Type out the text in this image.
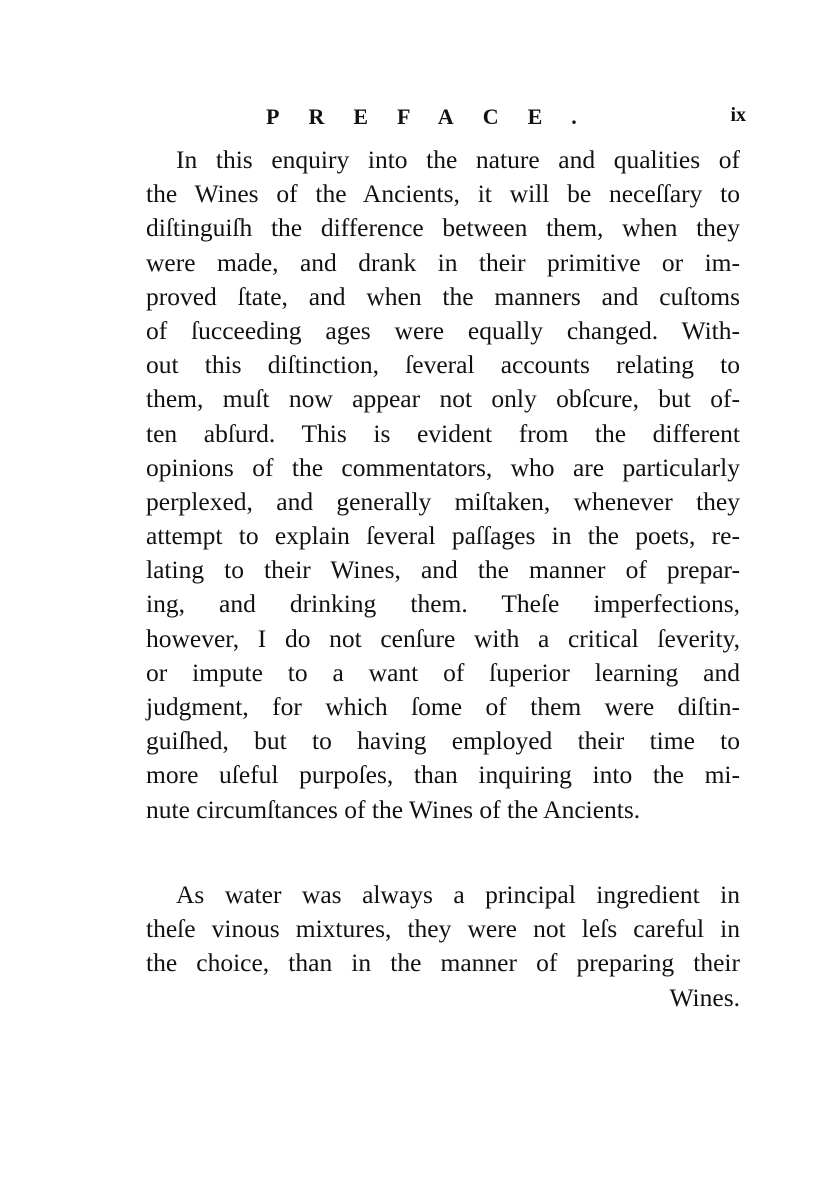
PREFACE.	ix
In this enquiry into the nature and qualities of
the Wines of the Ancients, it will be neceſſary to
diſtinguiſh the difference between them, when they
were made, and drank in their primitive or im-
proved ſtate, and when the manners and cuſtoms
of ſucceeding ages were equally changed. With-
out this diſtinction, ſeveral accounts relating to
them, muſt now appear not only obſcure, but of-
ten abſurd. This is evident from the different
opinions of the commentators, who are particularly
perplexed, and generally miſtaken, whenever they
attempt to explain ſeveral paſſages in the poets, re-
lating to their Wines, and the manner of prepar-
ing, and drinking them. Theſe imperfections,
however, I do not cenſure with a critical ſeverity,
or impute to a want of ſuperior learning and
judgment, for which ſome of them were diſtin-
guiſhed, but to having employed their time to
more uſeful purpoſes, than inquiring into the mi-
nute circumſtances of the Wines of the Ancients.
As water was always a principal ingredient in
theſe vinous mixtures, they were not leſs careful in
the choice, than in the manner of preparing their
Wines.
